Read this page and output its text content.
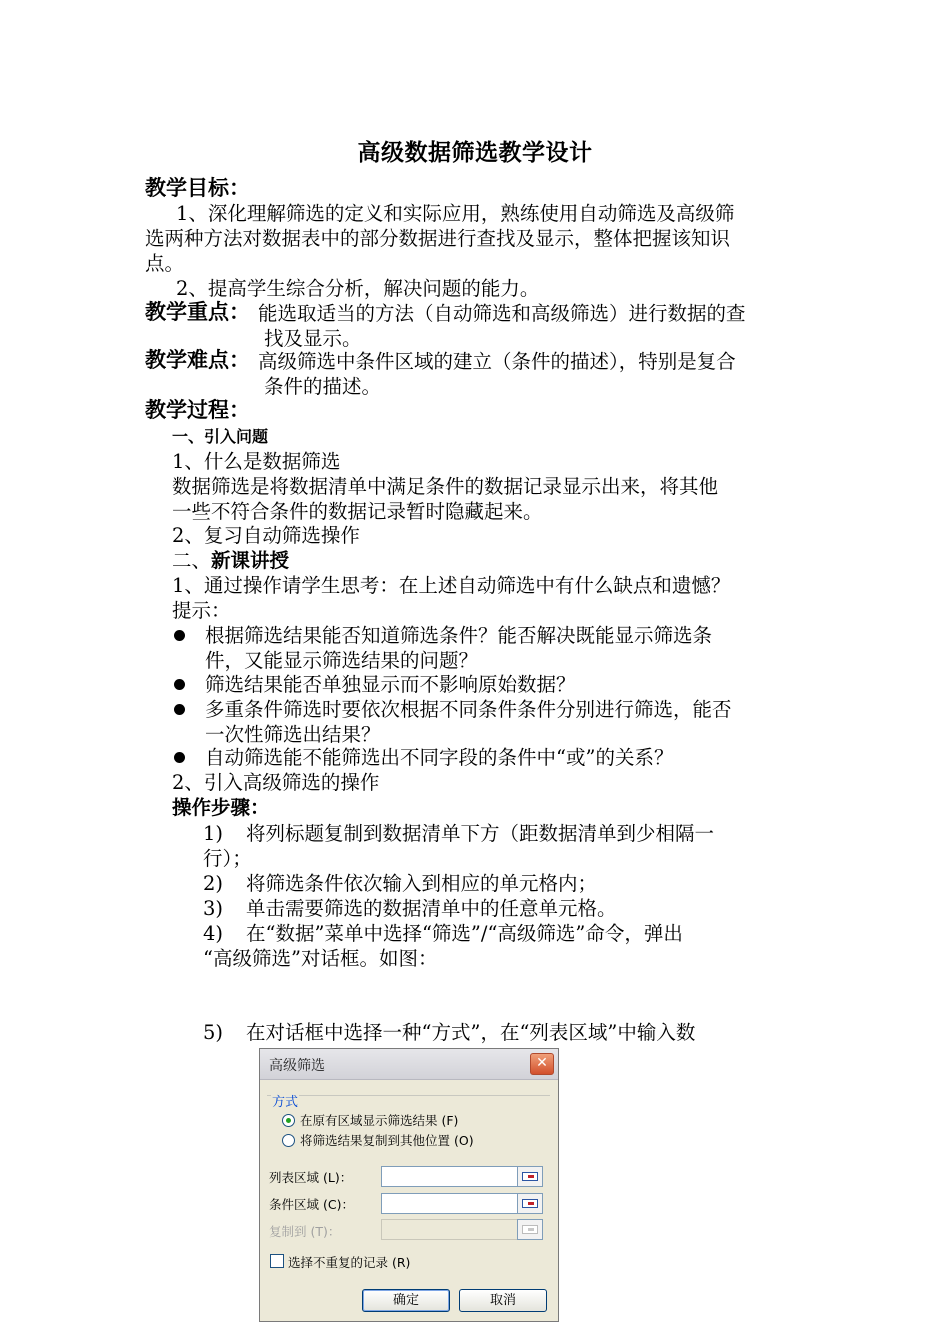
高级数据筛选教学设计
教学目标：
1、深化理解筛选的定义和实际应用，熟练使用自动筛选及高级筛
选两种方法对数据表中的部分数据进行查找及显示，整体把握该知识
点。
2、提高学生综合分析，解决问题的能力。
教学重点： 能选取适当的方法（自动筛选和高级筛选）进行数据的查
找及显示。
教学难点： 高级筛选中条件区域的建立（条件的描述），特别是复合
条件的描述。
教学过程：
一、引入问题
1、什么是数据筛选
数据筛选是将数据清单中满足条件的数据记录显示出来，将其他
一些不符合条件的数据记录暂时隐藏起来。
2、复习自动筛选操作
二、新课讲授
1、通过操作请学生思考：在上述自动筛选中有什么缺点和遗憾？
提示：
根据筛选结果能否知道筛选条件？能否解决既能显示筛选条
件，又能显示筛选结果的问题？
筛选结果能否单独显示而不影响原始数据？
多重条件筛选时要依次根据不同条件条件分别进行筛选，能否
一次性筛选出结果？
自动筛选能不能筛选出不同字段的条件中“或”的关系？
2、引入高级筛选的操作
操作步骤：
1) 将列标题复制到数据清单下方（距数据清单到少相隔一
行）；
2) 将筛选条件依次输入到相应的单元格内；
3) 单击需要筛选的数据清单中的任意单元格。
4) 在“数据”菜单中选择“筛选”/“高级筛选”命令，弹出
“高级筛选”对话框。如图：
5) 在对话框中选择一种“方式”，在“列表区域”中输入数
高级筛选	✕
方式
在原有区域显示筛选结果 (F)
将筛选结果复制到其他位置 (O)
列表区域 (L)：
条件区域 (C)：
复制到 (T)：
选择不重复的记录 (R)
确定	取消
